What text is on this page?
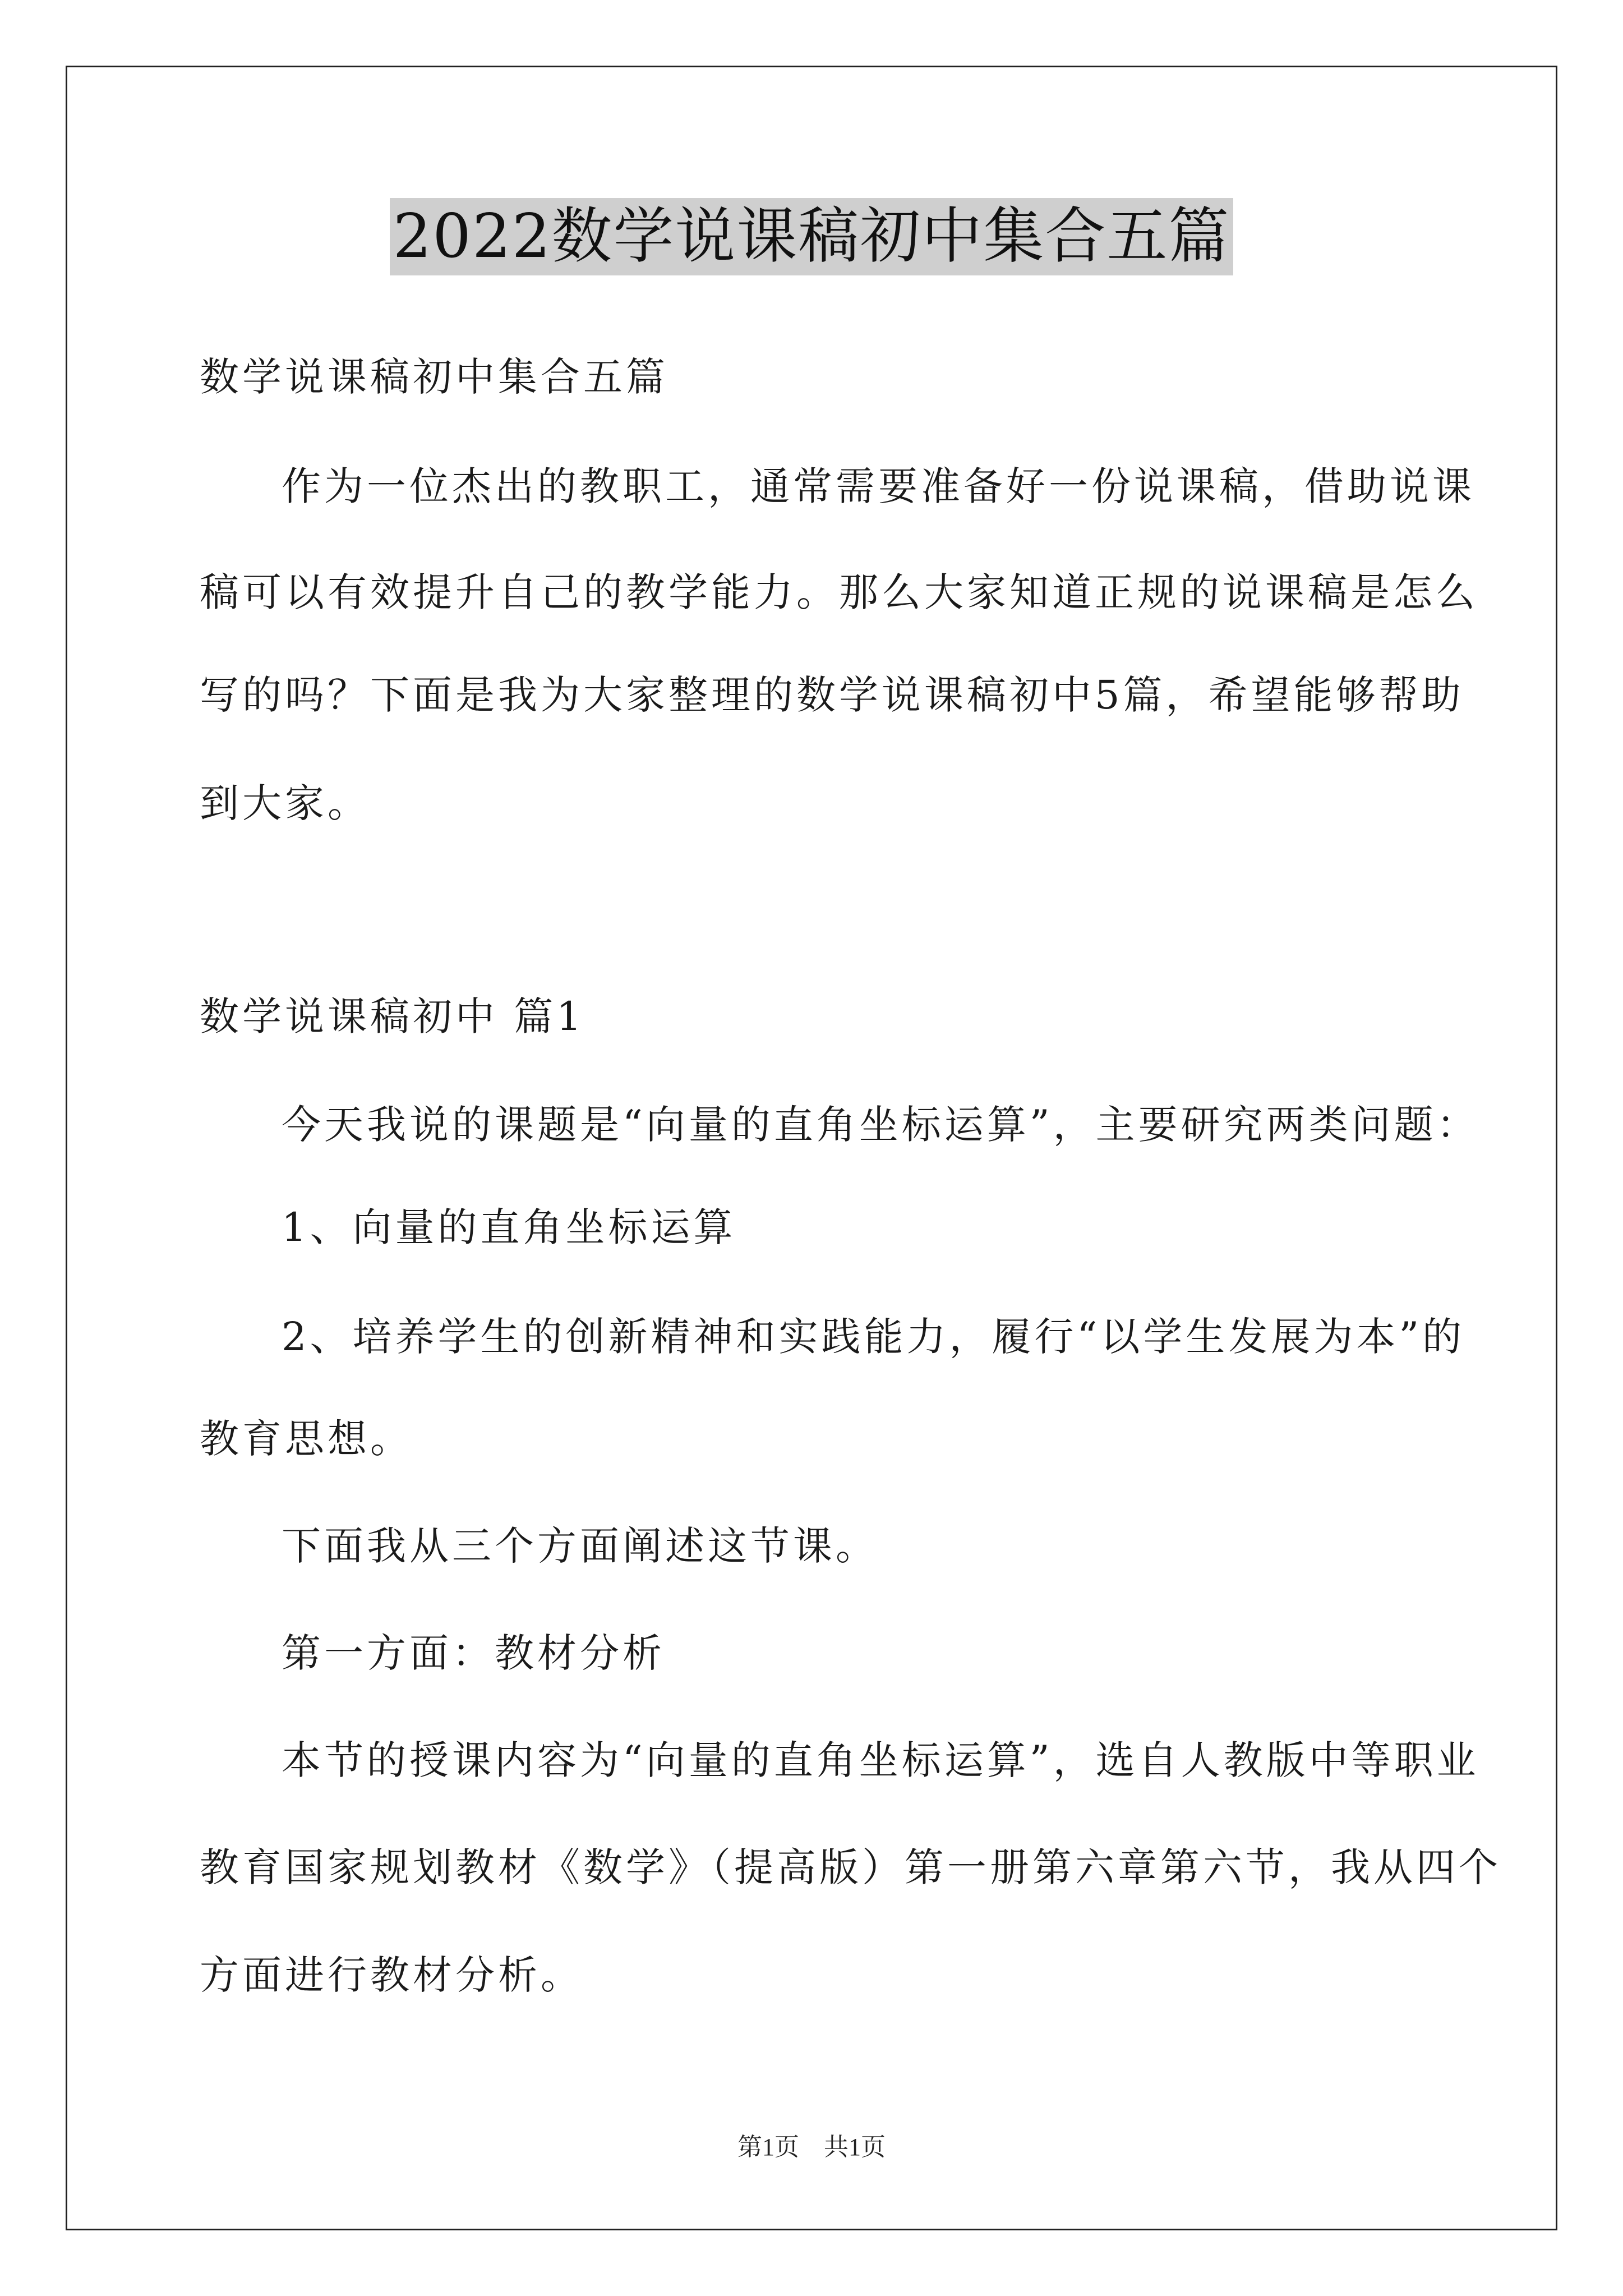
2022数学说课稿初中集合五篇

数学说课稿初中集合五篇

作为一位杰出的教职工，通常需要准备好一份说课稿，借助说课

稿可以有效提升自己的教学能力。那么大家知道正规的说课稿是怎么

写的吗？下面是我为大家整理的数学说课稿初中5篇，希望能够帮助

到大家。

数学说课稿初中 篇1

今天我说的课题是“向量的直角坐标运算”，主要研究两类问题：

1、向量的直角坐标运算

2、培养学生的创新精神和实践能力，履行“以学生发展为本”的

教育思想。

下面我从三个方面阐述这节课。

第一方面：教材分析

本节的授课内容为“向量的直角坐标运算”，选自人教版中等职业

教育国家规划教材《数学》（提高版）第一册第六章第六节，我从四个

方面进行教材分析。

第1页　共1页
